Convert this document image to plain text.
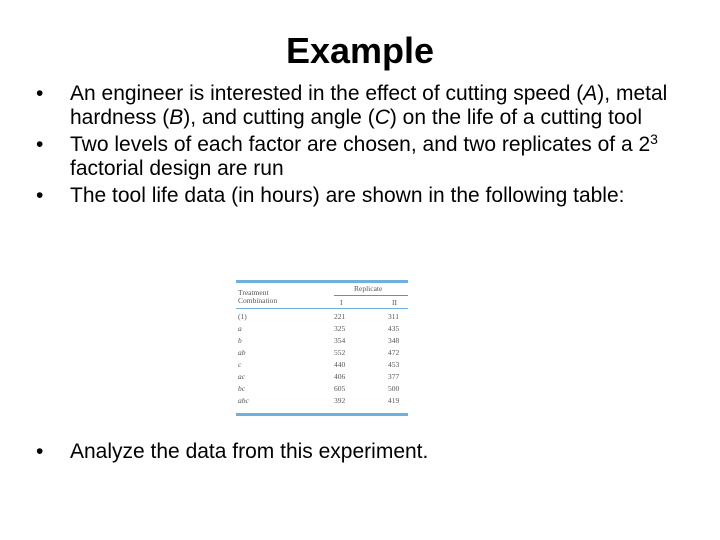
Example
• An engineer is interested in the effect of cutting speed (A), metal hardness (B), and cutting angle (C) on the life of a cutting tool
• Two levels of each factor are chosen, and two replicates of a $2^3$ factorial design are run
• The tool life data (in hours) are shown in the following table:
Treatment
Combination
Replicate
I	II
(1)	221	311
a	325	435
b	354	348
ab	552	472
c	440	453
ac	406	377
bc	605	500
abc	392	419
• Analyze the data from this experiment.
